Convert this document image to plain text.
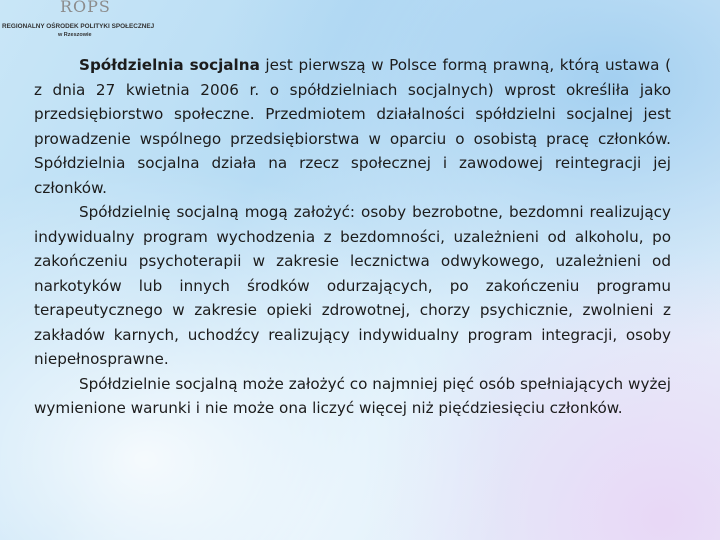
ROPS
REGIONALNY OŚRODEK POLITYKI SPOŁECZNEJ
w Rzeszowie

Spółdzielnia socjalna jest pierwszą w Polsce formą prawną, którą ustawa ( z dnia 27 kwietnia 2006 r. o spółdzielniach socjalnych) wprost określiła jako przedsiębiorstwo społeczne. Przedmiotem działalności spółdzielni socjalnej jest prowadzenie wspólnego przedsiębiorstwa w oparciu o osobistą pracę członków. Spółdzielnia socjalna działa na rzecz społecznej i zawodowej reintegracji jej członków.

Spółdzielnię socjalną mogą założyć: osoby bezrobotne, bezdomni realizujący indywidualny program wychodzenia z bezdomności, uzależnieni od alkoholu, po zakończeniu psychoterapii w zakresie lecznictwa odwykowego, uzależnieni od narkotyków lub innych środków odurzających, po zakończeniu programu terapeutycznego w zakresie opieki zdrowotnej, chorzy psychicznie, zwolnieni z zakładów karnych, uchodźcy realizujący indywidualny program integracji, osoby niepełnosprawne.

Spółdzielnie socjalną może założyć co najmniej pięć osób spełniających wyżej wymienione warunki i nie może ona liczyć więcej niż pięćdziesięciu członków.
